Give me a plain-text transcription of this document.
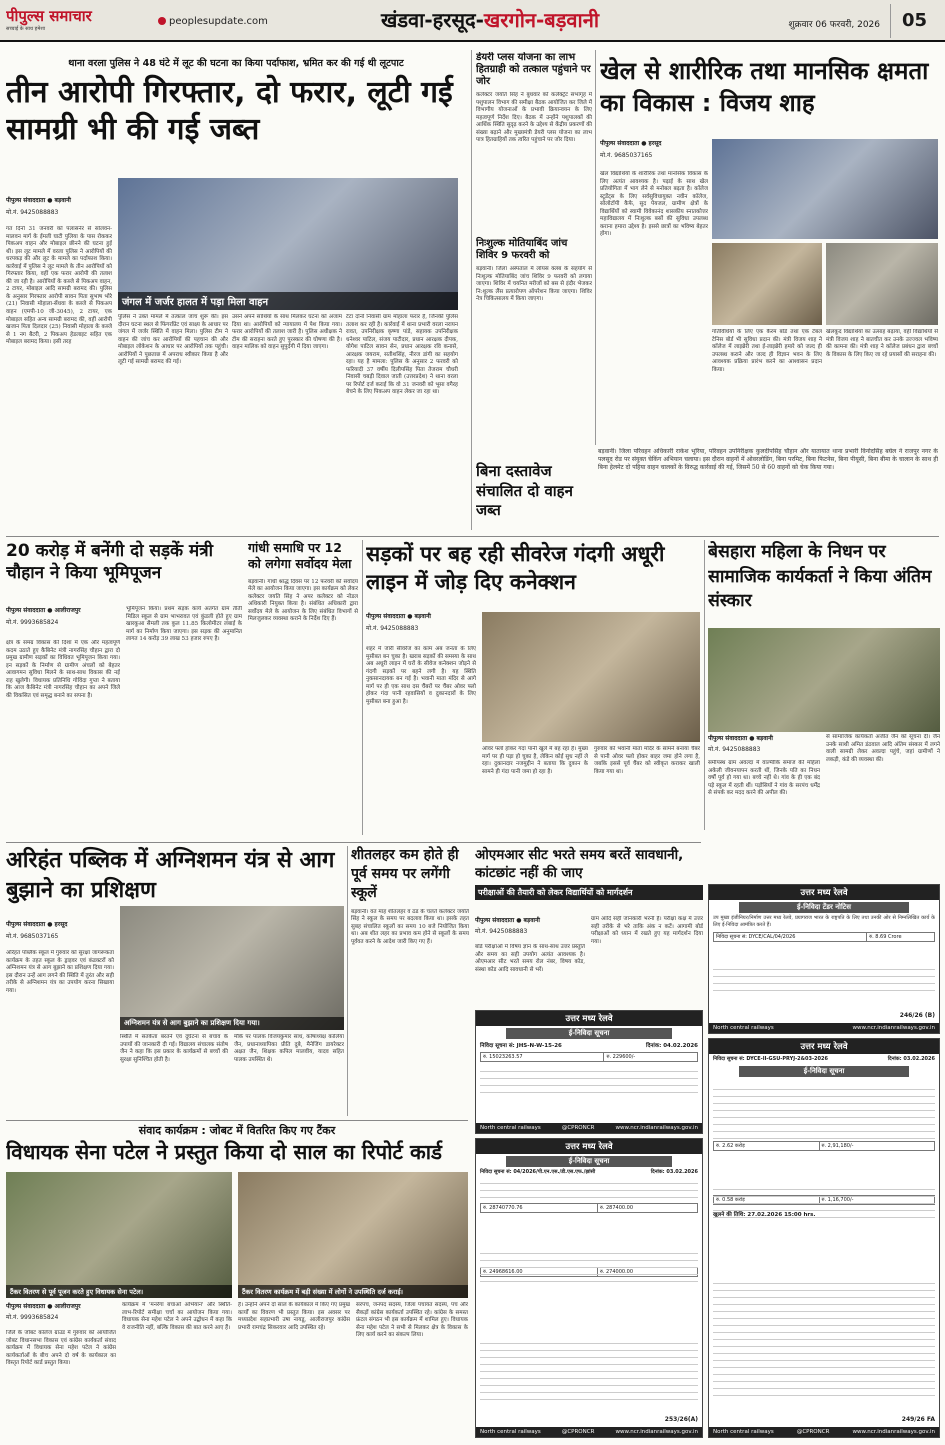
पीपुल्स समाचार
सच्चाई के साथ हमेशा
peoplesupdate.com	खंडवा-हरसूद-खरगोन-बड़वानी	शुक्रवार 06 फरवरी, 2026	05
थाना वरला पुलिस ने 48 घंटे में लूट की घटना का किया पर्दाफाश, भ्रमित कर की गई थी लूटपाट
तीन आरोपी गिरफ्तार, दो फरार, लूटी गई सामग्री भी की गई जब्त
जंगल में जर्जर हालत में पड़ा मिला वाहन
पीपुल्स संवाददाता ● बड़वानी
मो.नं. 9425088883
गत दिनों 31 जनवरी को पलासनेर से सोलवन-मालवन मार्ग के ईमली घाटी पुलिया के पास रोककर पिकअप वाहन और मोबाइल छीनने की घटना हुई थी। इस लूट मामले में वरला पुलिस ने आरोपियों की धरपकड़ की और लूट के मामले का पर्दाफाश किया। कार्रवाई में पुलिस ने लूट मामले के तीन आरोपियों को गिरफ्तार किया, वहीं एक फरार आरोपी की तलाश की जा रही है। आरोपियों के कब्जे से पिकअप वाहन, 2 टायर, मोबाइल आदि सामग्री बरामद की। पुलिस के अनुसार गिरफ्तार आरोपी सावन पिता सुभाष भोरे (21) निवासी मोहाला-सेंधवा के कब्जे से पिकअप वाहन (एमपी-10 जी-3045), 2 टायर, एक मोबाइल सहित अन्य सामग्री बरामद की, वहीं आरोपी खजान पिता दिलदार (25) निवासी मोहाला के कब्जे से 1 नग बैटरी, 2 पिकअप हेडलाइट सहित एक मोबाइल बरामद किया। इसी तरह
पुलिस ने उक्त मामले में तत्काल जांच शुरू की। इस दौरान घटना स्थल से फिंगरप्रिंट एवं साक्ष्य के आधार पर जंगल में जर्जर स्थिति में वाहन मिला। पुलिस टीम ने वाहन की जांच कर आरोपियों की पहचान की और मोबाइल लोकेशन के आधार पर आरोपियों तक पहुंची। आरोपियों ने पूछताछ में अपराध स्वीकार किया है और लूटी गई सामग्री बरामद की गई।
उसने अपने साथियों के साथ मिलकर घटना को अंजाम दिया था। आरोपियों को न्यायालय में पेश किया गया। फरार आरोपियों की तलाश जारी है। पुलिस अधीक्षक ने टीम की सराहना करते हुए पुरस्कार की घोषणा की है। वाहन मालिक को वाहन सुपुर्दगी में दिया जाएगा।
टेटा दोनों निवासी ग्राम मोहाला फरार हैं, जिनकी पुलिस तलाश कर रही है। कार्रवाई में थाना प्रभारी वरला नरायन रावत, उपनिरीक्षक कृष्णा पांडे, सहायक उपनिरीक्षक धनेश्वर पाटिल, संजय पाटीदार, प्रधान आरक्षक दीपक, योगेश पाटिल सावन सेन, प्रधान आरक्षक रवि कनासे, आरक्षक जयराम, सतीशसिंह, नीरज डांगी का सहयोग रहा। यह है मामला: पुलिस के अनुसार 2 फरवरी को फरियादी 37 वर्षीय दिलीपसिंह पिता तेजराम चौधरी निवासी चबड़ी दिवाल जाती (उत्तरप्रदेश) ने थाना वरला पर रिपोर्ट दर्ज कराई कि वो 31 जनवरी को भूसा वगैरह बेचने के लिए पिकअप वाहन लेकर जा रहा था।
डेयरी प्लस योजना का लाभ हितग्राही को तत्काल पहुंचाने पर जोर
कलेक्टर जयति सिंह ने बुधवार को कलेक्ट्रेट सभागृह में पशुपालन विभाग की समीक्षा बैठक आयोजित कर जिले में विभागीय योजनाओं के प्रभावी क्रियान्वयन के लिए महत्वपूर्ण निर्देश दिए। बैठक में उन्होंने पशुपालकों की आर्थिक स्थिति सुदृढ़ करने के उद्देश्य से केंद्रीय प्रकरणों की संख्या बढ़ाने और मुख्यमंत्री डेयरी प्लस योजना का लाभ पात्र हितग्राहियों तक त्वरित पहुंचाने पर जोर दिया।
निःशुल्क मोतियाबिंद जांच शिविर 9 फरवरी को
बड़वानी। जिला अस्पताल में लॉयंस क्लब के सहयोग से निःशुल्क मोतियाबिंद जांच शिविर 9 फरवरी को लगाया जाएगा। शिविर में चयनित मरीजों को बस से इंदौर भेजकर नि:शुल्क लैंस प्रत्यारोपण ऑपरेशन किया जाएगा। शिविर नेत्र चिकित्सालय में किया जाएगा।
बिना दस्तावेज संचालित दो वाहन जब्त
बड़वानी। जिला परिवहन अधिकारी राकेश भूरिया, परिवहन उपनिरीक्षक कुलदीपसिंह चौहान और यातायात थाना प्रभारी विनोदसिंह बघेल ने राजपुर नगर के पलसूद रोड पर संयुक्त चेकिंग अभियान चलाया। इस दौरान वाहनों में ओवरलोडिंग, बिना परमिट, बिना फिटनेस, बिना पीयूसी, बिना बीमा के चालान के साथ ही बिना हेलमेट दो पहिया वाहन चालकों के विरुद्ध कार्रवाई की गई, जिसमें 50 से 60 वाहनों को चेक किया गया।
खेल से शारीरिक तथा मानसिक क्षमता का विकास : विजय शाह
पीपुल्स संवाददाता ● हरसूद
मो.नं. 9685037165
खेल विद्यार्थियों के शारीरिक तथा मानसिक विकास के लिए अत्यंत आवश्यक है। पढ़ाई के साथ खेल प्रतियोगिता में भाग लेने से मनोबल बढ़ता है। कॉलेज स्टूडेंट्स के लिए सर्वसुविधायुक्त नवीन कॉलेज, सोलोटॉपी कैफे, सुद पेयजल, ग्रामीण क्षेत्रों के विद्यार्थियों को स्वामी विवेकानंद शासकीय स्नातकोत्तर महाविद्यालय में निःशुल्क बसों की सुविधा उपलब्ध कराना हमारा उद्देश्य है। इससे छात्रों का भविष्य बेहतर होगा।
गतिविधियों के लिए एक कैरम बोर्ड तथा एक टेबल टेनिस बोर्ड भी सुविधा प्रदान की। मंत्री विजय शाह ने कॉलेज में लाइब्रेरी तथा ई-लाइब्रेरी हमारे को जल्द ही उपलब्ध कराने और जल्द ही विज्ञान भवन के लिए आवश्यक प्रक्रिया प्रारंभ करने का आश्वासन प्रदान किया।
खेलकूद विद्यार्थियों का उत्साह बढ़ाया, वहीं विद्यार्थियों से मंत्री विजय शाह ने बातचीत कर उनके उज्ज्वल भविष्य की कामना की। मंत्री शाह ने कॉलेज प्रबंधन द्वारा बच्चों के विकास के लिए किए जा रहे प्रयासों की सराहना की।
20 करोड़ में बनेंगी दो सड़कें मंत्री चौहान ने किया भूमिपूजन
पीपुल्स संवाददाता ● आलीराजपुर
मो.नं. 9993685824
क्षेत्र के समग्र विकास की दिशा में एक और महत्वपूर्ण कदम उठाते हुए कैबिनेट मंत्री नागरसिंह चौहान द्वारा दो प्रमुख ग्रामीण सड़कों का विधिवत भूमिपूजन किया गया। इन सड़कों के निर्माण से ग्रामीण अंचलों को बेहतर आवागमन सुविधा मिलने के साथ-साथ विकास की नई राह खुलेगी। विधायक प्रतिनिधि गोविंदा गुप्ता ने बताया कि आज कैबिनेट मंत्री नागरसिंह चौहान का अपने जिले की विकसित एवं समृद्ध बनाने का सपना है।
भूमिपूजन किया। प्रथम सड़क कार्य अंतर्गत ग्राम तीती मिडिल स्कूल से ग्राम भाभरावत एवं कुंडली होते हुए ग्राम खारकुआ सैमली तक कुल 11.85 किलोमीटर लंबाई के मार्ग का निर्माण किया जाएगा। इस सड़क की अनुमानित लागत 14 करोड़ 39 लाख 53 हजार रुपए है।
गांधी समाधि पर 12 को लगेगा सर्वोदय मेला
बड़वानी। गांधी श्राद्ध दिवस पर 12 फरवरी को सर्वोदय मेले का आयोजन किया जाएगा। इस कार्यक्रम को लेकर कलेक्टर जयति सिंह ने अपर कलेक्टर को नोडल अधिकारी नियुक्त किया है। संबंधित अधिकारी द्वारा सर्वोदय मेले के आयोजन के लिए संबंधित विभागों से मिलजुलकर व्यवस्था कराने के निर्देश दिए हैं।
सड़कों पर बह रही सीवरेज गंदगी अधूरी लाइन में जोड़ दिए कनेक्शन
पीपुल्स संवाददाता ● बड़वानी
मो.नं. 9425088883
शहर में जारी सीवरेज का काम अब जनता के लिए मुसीबत बन चुका है। खराब सड़कों की समस्या के साथ अब अधूरी लाइन में घरों के सीवेज कनेक्शन जोड़ने से गंदगी सड़कों पर बहने लगी है। यह स्थिति नुकसानदायक बन गई है। भवानी माता मंदिर से आगे मार्ग पर ही एक साथ दस चैंबरों पर चैंबर ओवर फ्लो होकर गंदा पानी रहवासियों व दुकानदारों के लिए मुसीबत बना हुआ है।
ओवर फ्लो होकर गंदा पानी खुले में बह रहा है। मुख्य मार्ग पर ही पड़ा हो चुका है, लेकिन कोई सुध नहीं ले रहा। दुकानदार नजमुद्दीन ने बताया कि दुकान के सामने ही गंदा पानी जमा हो रहा है।
गुरुवार को भवानी माता मंदिर के सामने बनाया चैंबर से पानी ओवर फ्लो होकर बाहर जमा होने लगा है, जबकि इससे पूर्व चैंबर को स्वीकृत कराकर खाली किया गया था।
बेसहारा महिला के निधन पर सामाजिक कार्यकर्ता ने किया अंतिम संस्कार
पीपुल्स संवाददाता ● बड़वानी
मो.नं. 9425088883
समीपस्थ ग्राम अवल्दा में वाल्मीकि समाज की महिला अकेली जीवनयापन करती थीं, जिनके पति का निधन वर्षों पूर्व हो गया था। बच्चे नहीं थे। गांव के ही एक बंद पड़े स्कूल में रहती थीं। पड़ोसियों ने गांव के सरपंच धर्मेंद्र से संपर्क कर मदद करने की अपील की।
से सामाजिक कार्यकर्ता अजीत जैन को सूचना दी। जैन उनके साथी अमित डंठवाल आदि अंतिम संस्कार में लगने वाली सामग्री लेकर अवल्दा पहुंचे, जहां ग्रामीणों ने लकड़ी, कंडे की व्यवस्था की।
अरिहंत पब्लिक में अग्निशमन यंत्र से आग बुझाने का प्रशिक्षण
पीपुल्स संवाददाता ● हरसूद
मो.नं. 9685037165
अरिहंत पब्लिक स्कूल में गुरुवार को सुरक्षा जागरूकता कार्यक्रम के तहत स्कूल के ड्राइवर एवं कंडक्टरों को अग्निशमन यंत्र से आग बुझाने का प्रशिक्षण दिया गया। इस दौरान उन्हें आग लगने की स्थिति में तुरंत और सही तरीके से अग्निशमन यंत्र का उपयोग करना सिखाया गया।
अग्निशमन यंत्र से आग बुझाने का प्रशिक्षण दिया गया।
स्थिति में सतर्कता बरतने एवं दुर्घटना से बचाव के उपायों की जानकारी दी गई। विद्यालय संचालक संतोष जैन ने कहा कि इस प्रकार के कार्यक्रमों से बच्चों की सुरक्षा सुनिश्चित होती है।
मौके पर पालक विजयकुमार साध, कोषाध्यक्ष कालिया जैन, प्रधानाध्यापिका प्रीति दुबे, मैनेजिंग डायरेक्टर अक्षत जैन, शिक्षक कपिल मालवीय, यादव सहित पालक उपस्थित थे।
शीतलहर कम होते ही पूर्व समय पर लगेंगी स्कूलें
बड़वानी। वत माह शीतलहर व ठंड के चलते कलेक्टर जयति सिंह ने स्कूल के समय पर बदलाव किया था। इसके तहत सुबह संचालित स्कूलों का समय 10 बजे नियोजित किया था। अब शीत लहर का प्रभाव कम होने से स्कूलों के समय पूर्ववत करने के आदेश जारी किए गए हैं।
ओएमआर सीट भरते समय बरतें सावधानी, कांटछांट नहीं की जाए
परीक्षाओं की तैयारी को लेकर विद्यार्थियों को मार्गदर्शन
पीपुल्स संवाददाता ● बड़वानी
मो.नं. 9425088883
बोर्ड परीक्षाओं में विषय ज्ञान के साथ-साथ उत्तर प्रस्तुति और समय का सही उपयोग अत्यंत आवश्यक है। ओएमआर सीट भरते समय रोल नंबर, विषय कोड, संस्था कोड आदि सावधानी से भरें।
ग्राम आदि सही जानकारी भरनी है। परीक्षा कक्ष में उत्तर सही तरीके से भरे ताकि अंक न कटें। आगामी बोर्ड परीक्षाओं को ध्यान में रखते हुए यह मार्गदर्शन दिया गया।
उत्तर मध्य रेलवे
ई-निविदा सूचना
निविदा सूचना सं: JHS-N-W-15-26	दिनांक: 04.02.2026
रु. 15023263.57	रु. 229600/-
North central railways	@CPRONCR	www.ncr.indianrailways.gov.in
उत्तर मध्य रेलवे
ई-निविदा सूचना
निविदा सूचना सं: 04/2026/पी.एन.एस./डी.एस.एफ./झांसी	दिनांक: 03.02.2026
रु. 28740770.76	रु. 287400.00
रु. 24968616.00	रु. 274000.00
253/26(A)
North central railways	@CPRONCR	www.ncr.indianrailways.gov.in
उत्तर मध्य रेलवे
ई-निविदा टेंडर नोटिस
उप मुख्य इंजीनियर/निर्माण उत्तर मध्य रेलवे, प्रयागराज भारत के राष्ट्रपति के लिए तथा उनकी ओर से निम्नलिखित कार्य के लिए ई-निविदा आमंत्रित करते हैं।
निविदा सूचना सं: DYCE/CAL/04/2026	रु. 8.69 Crore
246/26 (B)
North central railways	www.ncr.indianrailways.gov.in
उत्तर मध्य रेलवे
निविदा सूचना सं: DYCE-II-GSU-PRYJ-2&03-2026	दिनांक: 03.02.2026
ई-निविदा सूचना
रु. 2.62 करोड़	रु. 2,91,180/-
रु. 0.58 करोड़	रु. 1,16,700/-
खुलने की तिथि: 27.02.2026 15:00 hrs.
249/26 FA
North central railways	@CPRONCR	www.ncr.indianrailways.gov.in
संवाद कार्यक्रम : जोबट में वितरित किए गए टैंकर
विधायक सेना पटेल ने प्रस्तुत किया दो साल का रिपोर्ट कार्ड
टैंकर वितरण से पूर्व पूजन करते हुए विधायक सेना पटेल।	टैंकर वितरण कार्यक्रम में बड़ी संख्या में लोगों ने उपस्थिति दर्ज कराई।
पीपुल्स संवाददाता ● आलीराजपुर
मो.नं. 9993685824
जिले के जोबट कॉलेज ग्राउंड में गुरुवार को आयोजित जोबट विधानसभा विकास एवं कांग्रेस कार्यकर्ता संवाद कार्यक्रम में विधायक सेना महेश पटेल ने कांग्रेस कार्यकर्ताओं के बीच अपने दो वर्ष के कार्यकाल का विस्तृत रिपोर्ट कार्ड प्रस्तुत किया।
कार्यक्रम में 'मनरेगा बचाओ अभियान' और स्थिति-लाभ-रिपोर्ट समीक्षा चर्चा का आयोजन किया गया। विधायक सेना महेश पटेल ने अपने उद्बोधन में कहा कि वे राजनीति नहीं, बल्कि विकास की बात करने आए हैं।
है। उन्होंने अपने दो साल के कार्यकाल में किए गए प्रमुख कार्यों का विवरण भी प्रस्तुत किया। इस अवसर पर मध्यप्रदेश सहप्रभारी उषा नायडू, आलीराजपुर कांग्रेस प्रभारी रामचंद्र सिकरवार आदि उपस्थित रहे।
सरपंच, जनपद सदस्य, जिला पंचायत सदस्य, पंच और सैकड़ों कांग्रेस कार्यकर्ता उपस्थित रहे। कांग्रेस के समस्त फ्रंटल संगठन भी इस कार्यक्रम में शामिल हुए। विधायक सेना महेश पटेल ने सभी से मिलकर क्षेत्र के विकास के लिए कार्य करने का संकल्प लिया।
